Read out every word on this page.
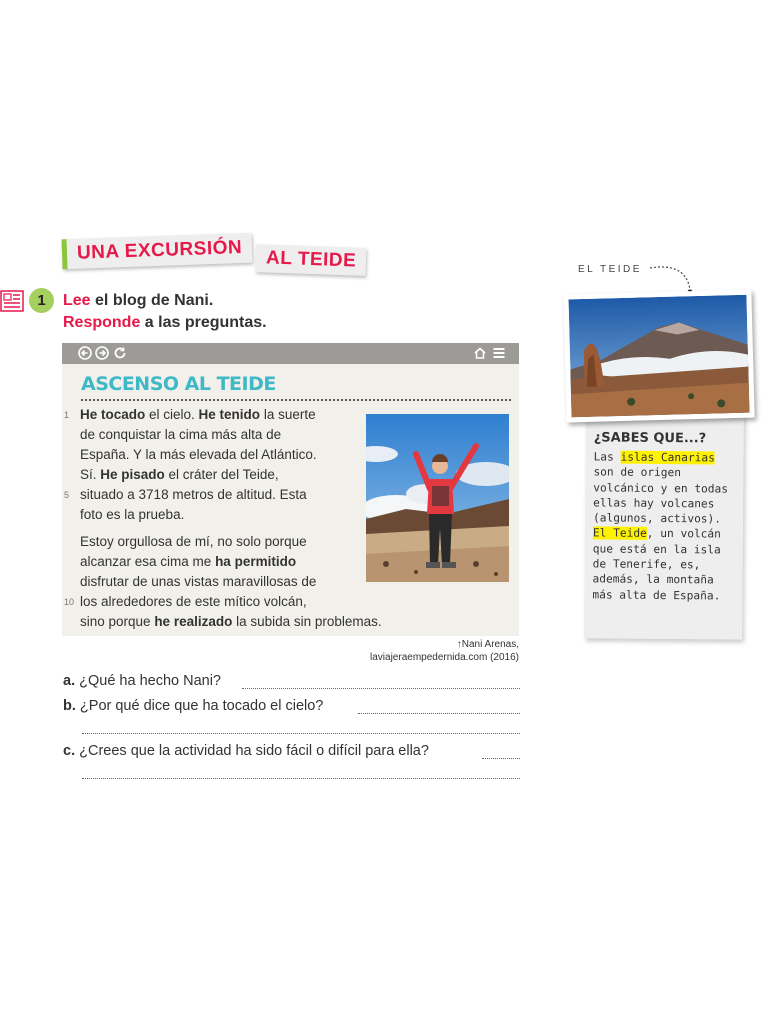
UNA EXCURSIÓN	AL TEIDE
1	Lee el blog de Nani.
Responde a las preguntas.
ASCENSO AL TEIDE
He tocado el cielo. He tenido la suerte
1
de conquistar la cima más alta de
España. Y la más elevada del Atlántico.
Sí. He pisado el cráter del Teide,
situado a 3718 metros de altitud. Esta
5
foto es la prueba.
Estoy orgullosa de mí, no solo porque
alcanzar esa cima me ha permitido
disfrutar de unas vistas maravillosas de
los alrededores de este mítico volcán,
10
sino porque he realizado la subida sin problemas.
↑Nani Arenas,
laviajeraempedernida.com (2016)
a. ¿Qué ha hecho Nani?
b. ¿Por qué dice que ha tocado el cielo?
c. ¿Crees que la actividad ha sido fácil o difícil para ella?
EL TEIDE
¿SABES QUE...?
Las islas Canarias son de origen volcánico y en todas ellas hay volcanes (algunos, activos). El Teide, un volcán que está en la isla de Tenerife, es, además, la montaña más alta de España.
